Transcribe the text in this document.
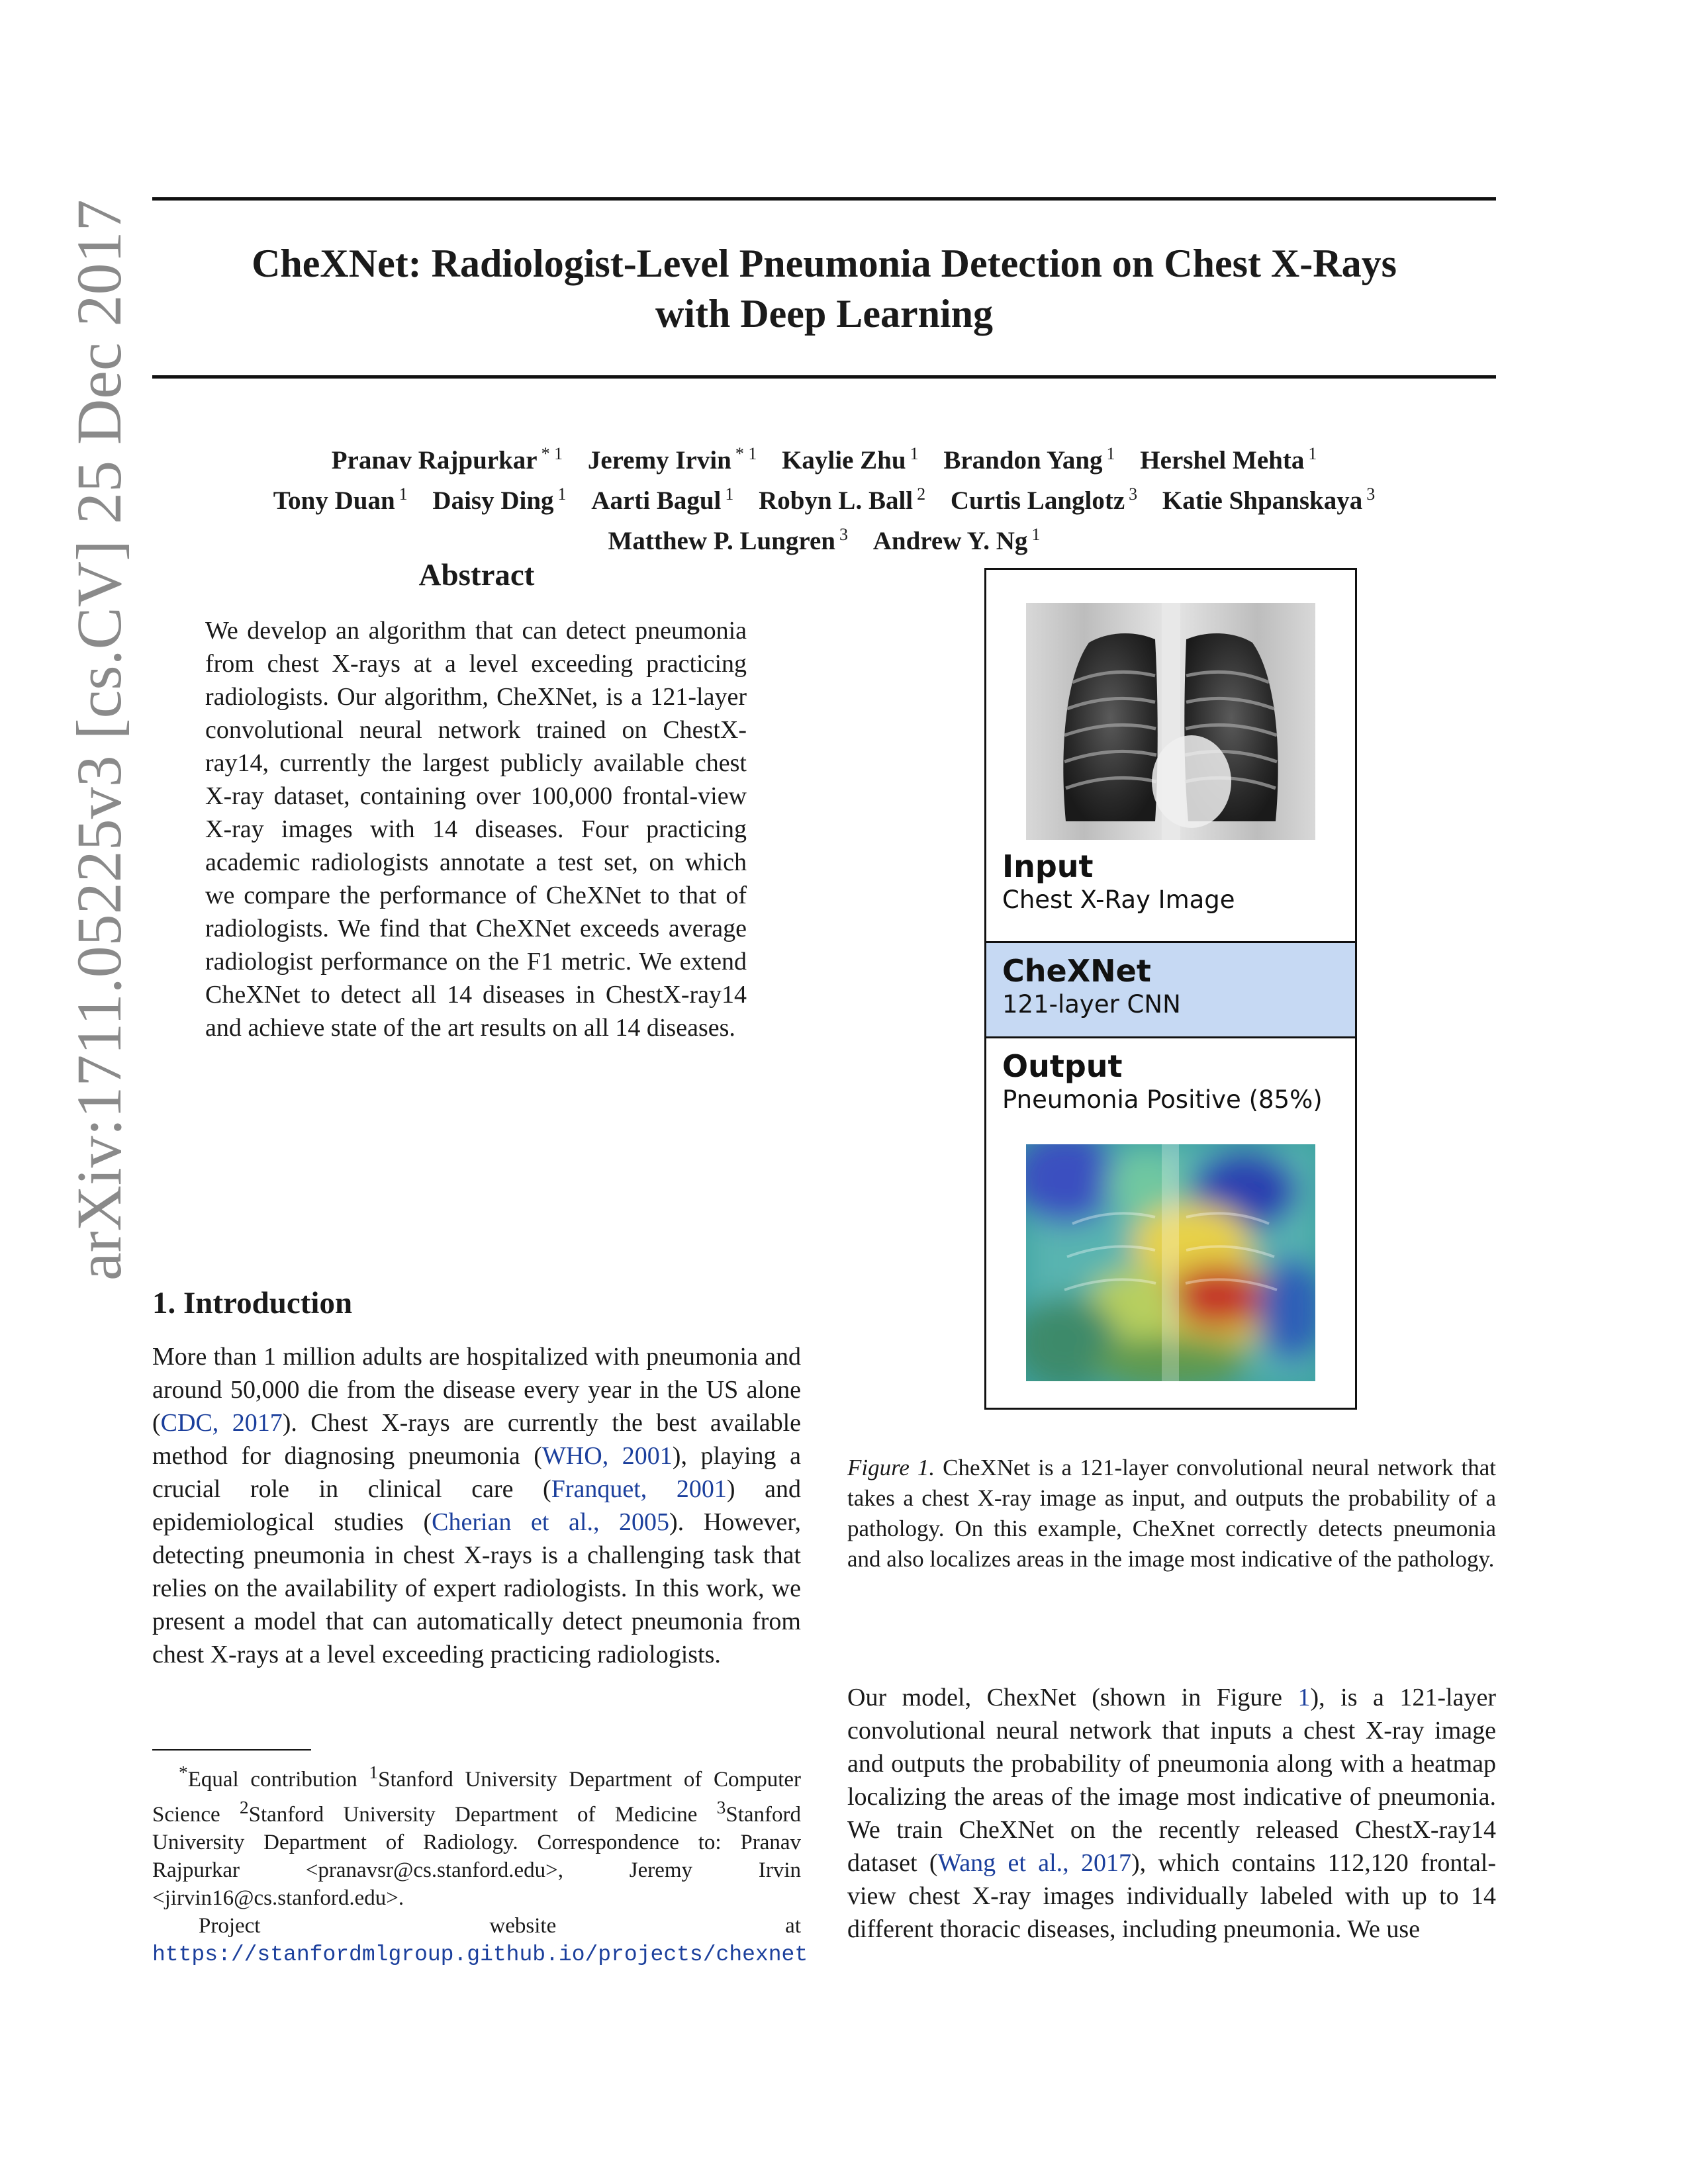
arXiv:1711.05225v3 [cs.CV] 25 Dec 2017	CheXNet: Radiologist-Level Pneumonia Detection on Chest X-Rays
with Deep Learning
Pranav Rajpurkar $^{* 1}$ Jeremy Irvin $^{* 1}$ Kaylie Zhu $^1$ Brandon Yang $^1$ Hershel Mehta $^1$
Tony Duan $^1$ Daisy Ding $^1$ Aarti Bagul $^1$ Robyn L. Ball $^2$ Curtis Langlotz $^3$ Katie Shpanskaya $^3$
Matthew P. Lungren $^3$ Andrew Y. Ng $^1$
Abstract
We develop an algorithm that can detect pneumonia from chest X-rays at a level exceeding practicing radiologists. Our algorithm, CheXNet, is a 121-layer convolutional neural network trained on ChestX-ray14, currently the largest publicly available chest X-ray dataset, containing over 100,000 frontal-view X-ray images with 14 diseases. Four practicing academic radiologists annotate a test set, on which we compare the performance of CheXNet to that of radiologists. We find that CheXNet exceeds average radiologist performance on the F1 metric. We extend CheXNet to detect all 14 diseases in ChestX-ray14 and achieve state of the art results on all 14 diseases.
1. Introduction
More than 1 million adults are hospitalized with pneumonia and around 50,000 die from the disease every year in the US alone (CDC, 2017). Chest X-rays are currently the best available method for diagnosing pneumonia (WHO, 2001), playing a crucial role in clinical care (Franquet, 2001) and epidemiological studies (Cherian et al., 2005). However, detecting pneumonia in chest X-rays is a challenging task that relies on the availability of expert radiologists. In this work, we present a model that can automatically detect pneumonia from chest X-rays at a level exceeding practicing radiologists.
*Equal contribution $^1$Stanford University Department of Computer Science $^2$Stanford University Department of Medicine $^3$Stanford University Department of Radiology. Correspondence to: Pranav Rajpurkar <pranavsr@cs.stanford.edu>, Jeremy Irvin <jirvin16@cs.stanford.edu>.
Project website at https://stanfordmlgroup.github.io/projects/chexnet
Input
Chest X-Ray Image
CheXNet
121-layer CNN
Output
Pneumonia Positive (85%)
Figure 1. CheXNet is a 121-layer convolutional neural network that takes a chest X-ray image as input, and outputs the probability of a pathology. On this example, CheXnet correctly detects pneumonia and also localizes areas in the image most indicative of the pathology.
Our model, ChexNet (shown in Figure 1), is a 121-layer convolutional neural network that inputs a chest X-ray image and outputs the probability of pneumonia along with a heatmap localizing the areas of the image most indicative of pneumonia. We train CheXNet on the recently released ChestX-ray14 dataset (Wang et al., 2017), which contains 112,120 frontal-view chest X-ray images individually labeled with up to 14 different thoracic diseases, including pneumonia. We use
